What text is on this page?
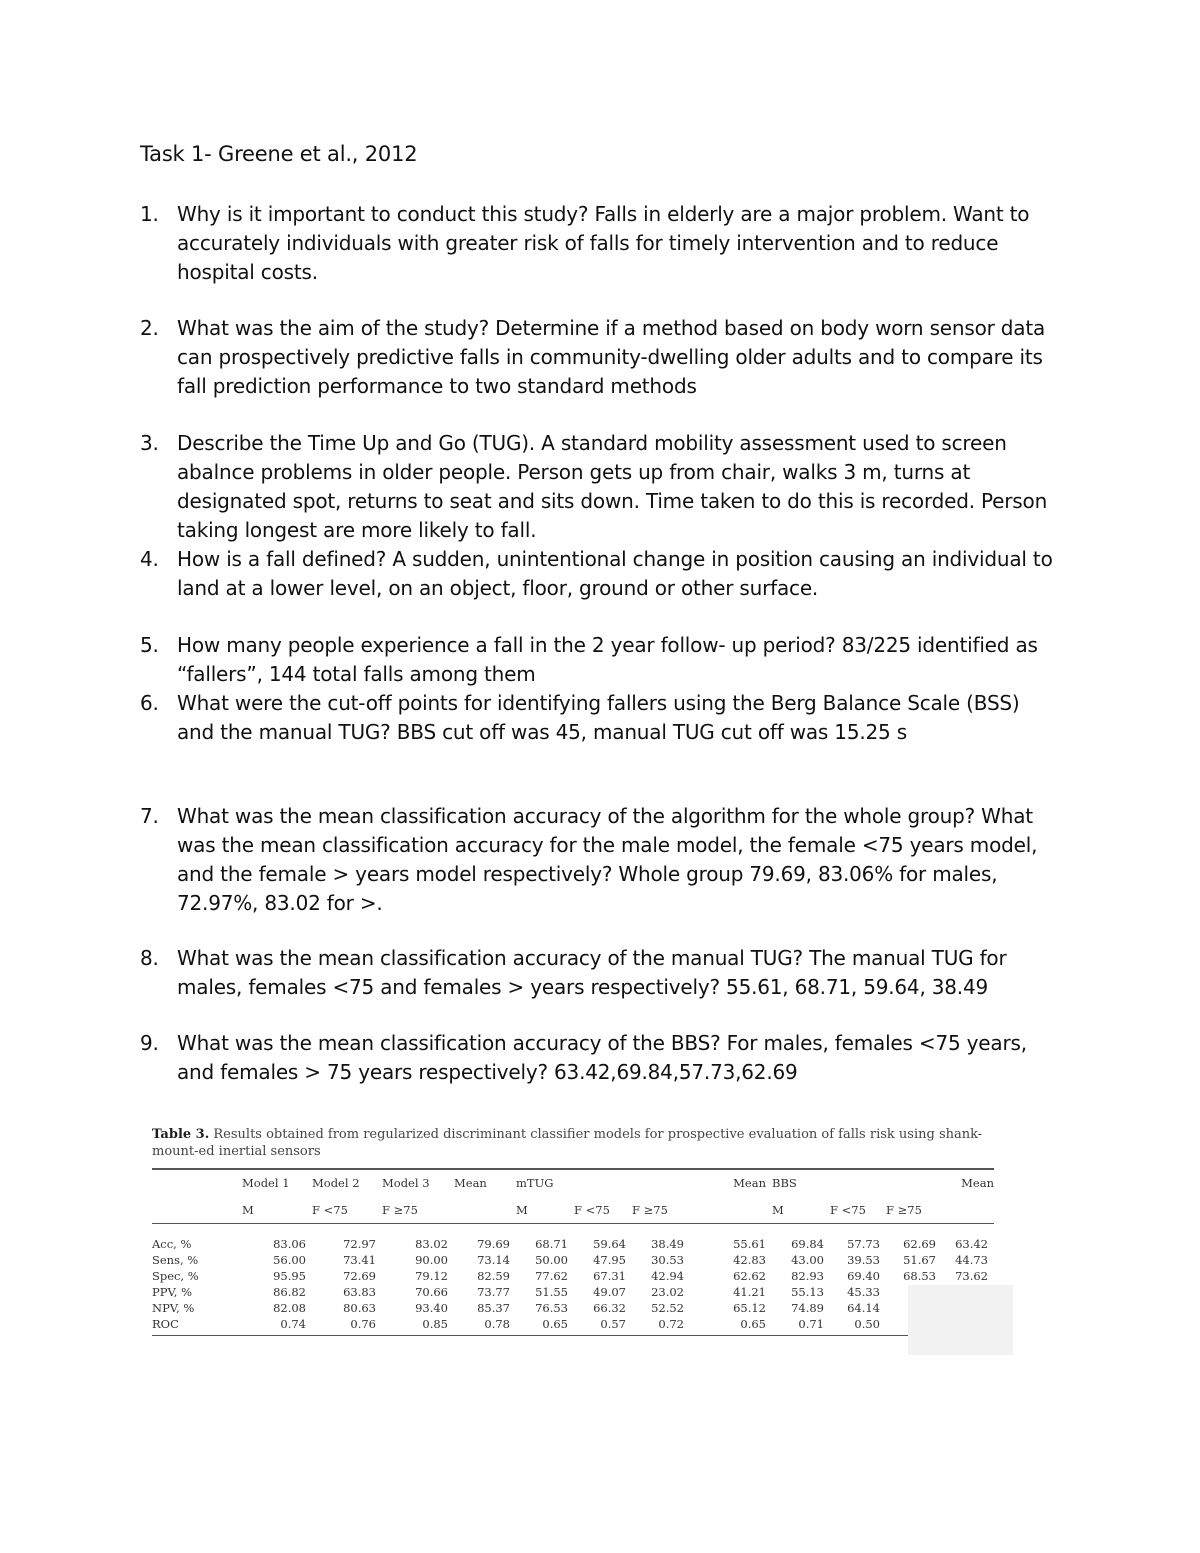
Task 1- Greene et al., 2012
1. Why is it important to conduct this study? Falls in elderly are a major problem. Want to accurately individuals with greater risk of falls for timely intervention and to reduce hospital costs.
2. What was the aim of the study? Determine if a method based on body worn sensor data can prospectively predictive falls in community-dwelling older adults and to compare its fall prediction performance to two standard methods
3. Describe the Time Up and Go (TUG). A standard mobility assessment used to screen abalnce problems in older people. Person gets up from chair, walks 3 m, turns at designated spot, returns to seat and sits down. Time taken to do this is recorded. Person taking longest are more likely to fall.
4. How is a fall defined? A sudden, unintentional change in position causing an individual to land at a lower level, on an object, floor, ground or other surface.
5. How many people experience a fall in the 2 year follow- up period? 83/225 identified as “fallers”, 144 total falls among them
6. What were the cut-off points for identifying fallers using the Berg Balance Scale (BSS) and the manual TUG? BBS cut off was 45, manual TUG cut off was 15.25 s
7. What was the mean classification accuracy of the algorithm for the whole group? What was the mean classification accuracy for the male model, the female <75 years model, and the female > years model respectively? Whole group 79.69, 83.06% for males, 72.97%, 83.02 for >.
8. What was the mean classification accuracy of the manual TUG? The manual TUG for males, females <75 and females > years respectively? 55.61, 68.71, 59.64, 38.49
9. What was the mean classification accuracy of the BBS? For males, females <75 years, and females > 75 years respectively? 63.42,69.84,57.73,62.69
Table 3. Results obtained from regularized discriminant classifier models for prospective evaluation of falls risk using shank-mount-ed inertial sensors
	Model 1	Model 2	Model 3	Mean	mTUG			Mean	BBS			Mean
	M	F <75	F ≥75		M	F <75	F ≥75		M	F <75	F ≥75	
Acc, %	83.06	72.97	83.02	79.69	68.71	59.64	38.49	55.61	69.84	57.73	62.69	63.42
Sens, %	56.00	73.41	90.00	73.14	50.00	47.95	30.53	42.83	43.00	39.53	51.67	44.73
Spec, %	95.95	72.69	79.12	82.59	77.62	67.31	42.94	62.62	82.93	69.40	68.53	73.62
PPV, %	86.82	63.83	70.66	73.77	51.55	49.07	23.02	41.21	55.13	45.33		
NPV, %	82.08	80.63	93.40	85.37	76.53	66.32	52.52	65.12	74.89	64.14		
ROC	0.74	0.76	0.85	0.78	0.65	0.57	0.72	0.65	0.71	0.50		
